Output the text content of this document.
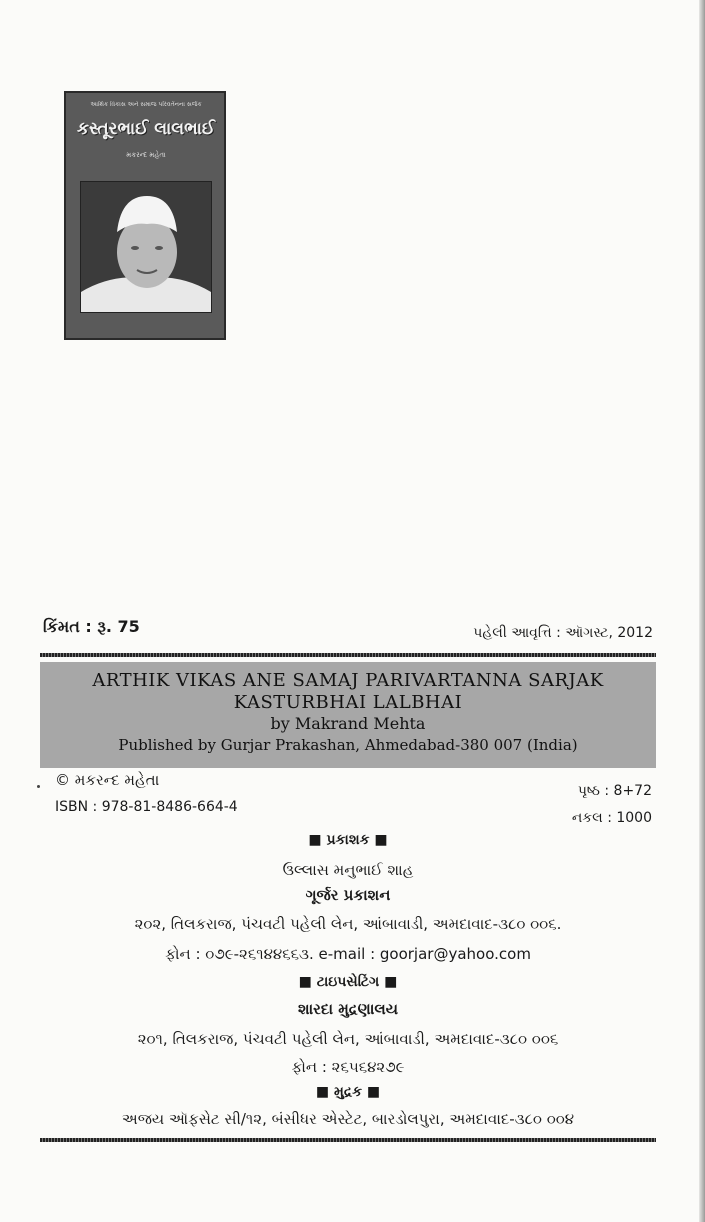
આર્થિક વિકાસ અને સમાજ પરિવર્તનના સર્જક
કસ્તૂરભાઈ લાલભાઈ
મકરન્દ મહેતા
કિંમત : રૂ. 75	પહેલી આવૃત્તિ : ઑગસ્ટ, 2012
ARTHIK VIKAS ANE SAMAJ PARIVARTANNA SARJAK
KASTURBHAI LALBHAI
by Makrand Mehta
Published by Gurjar Prakashan, Ahmedabad-380 007 (India)
© મકરન્દ મહેતા
ISBN : 978-81-8486-664-4
પૃષ્ઠ : 8+72
નકલ : 1000
■ પ્રકાશક ■
ઉલ્લાસ મનુભાઈ શાહ
ગૂર્જર પ્રકાશન
૨૦૨, તિલકરાજ, પંચવટી પહેલી લેન, આંબાવાડી, અમદાવાદ-૩૮૦ ૦૦૬.
ફોન : ૦૭૯-૨૬૧૪૪૬૬૩. e-mail : goorjar@yahoo.com
■ ટાઇપસેટિંગ ■
શારદા મુદ્રણાલય
૨૦૧, તિલકરાજ, પંચવટી પહેલી લેન, આંબાવાડી, અમદાવાદ-૩૮૦ ૦૦૬
ફોન : ૨૬૫૬૪૨૭૯
■ મુદ્રક ■
અજય ઑફસેટ સી/૧૨, બંસીધર એસ્ટેટ, બારડોલપુરા, અમદાવાદ-૩૮૦ ૦૦૪
